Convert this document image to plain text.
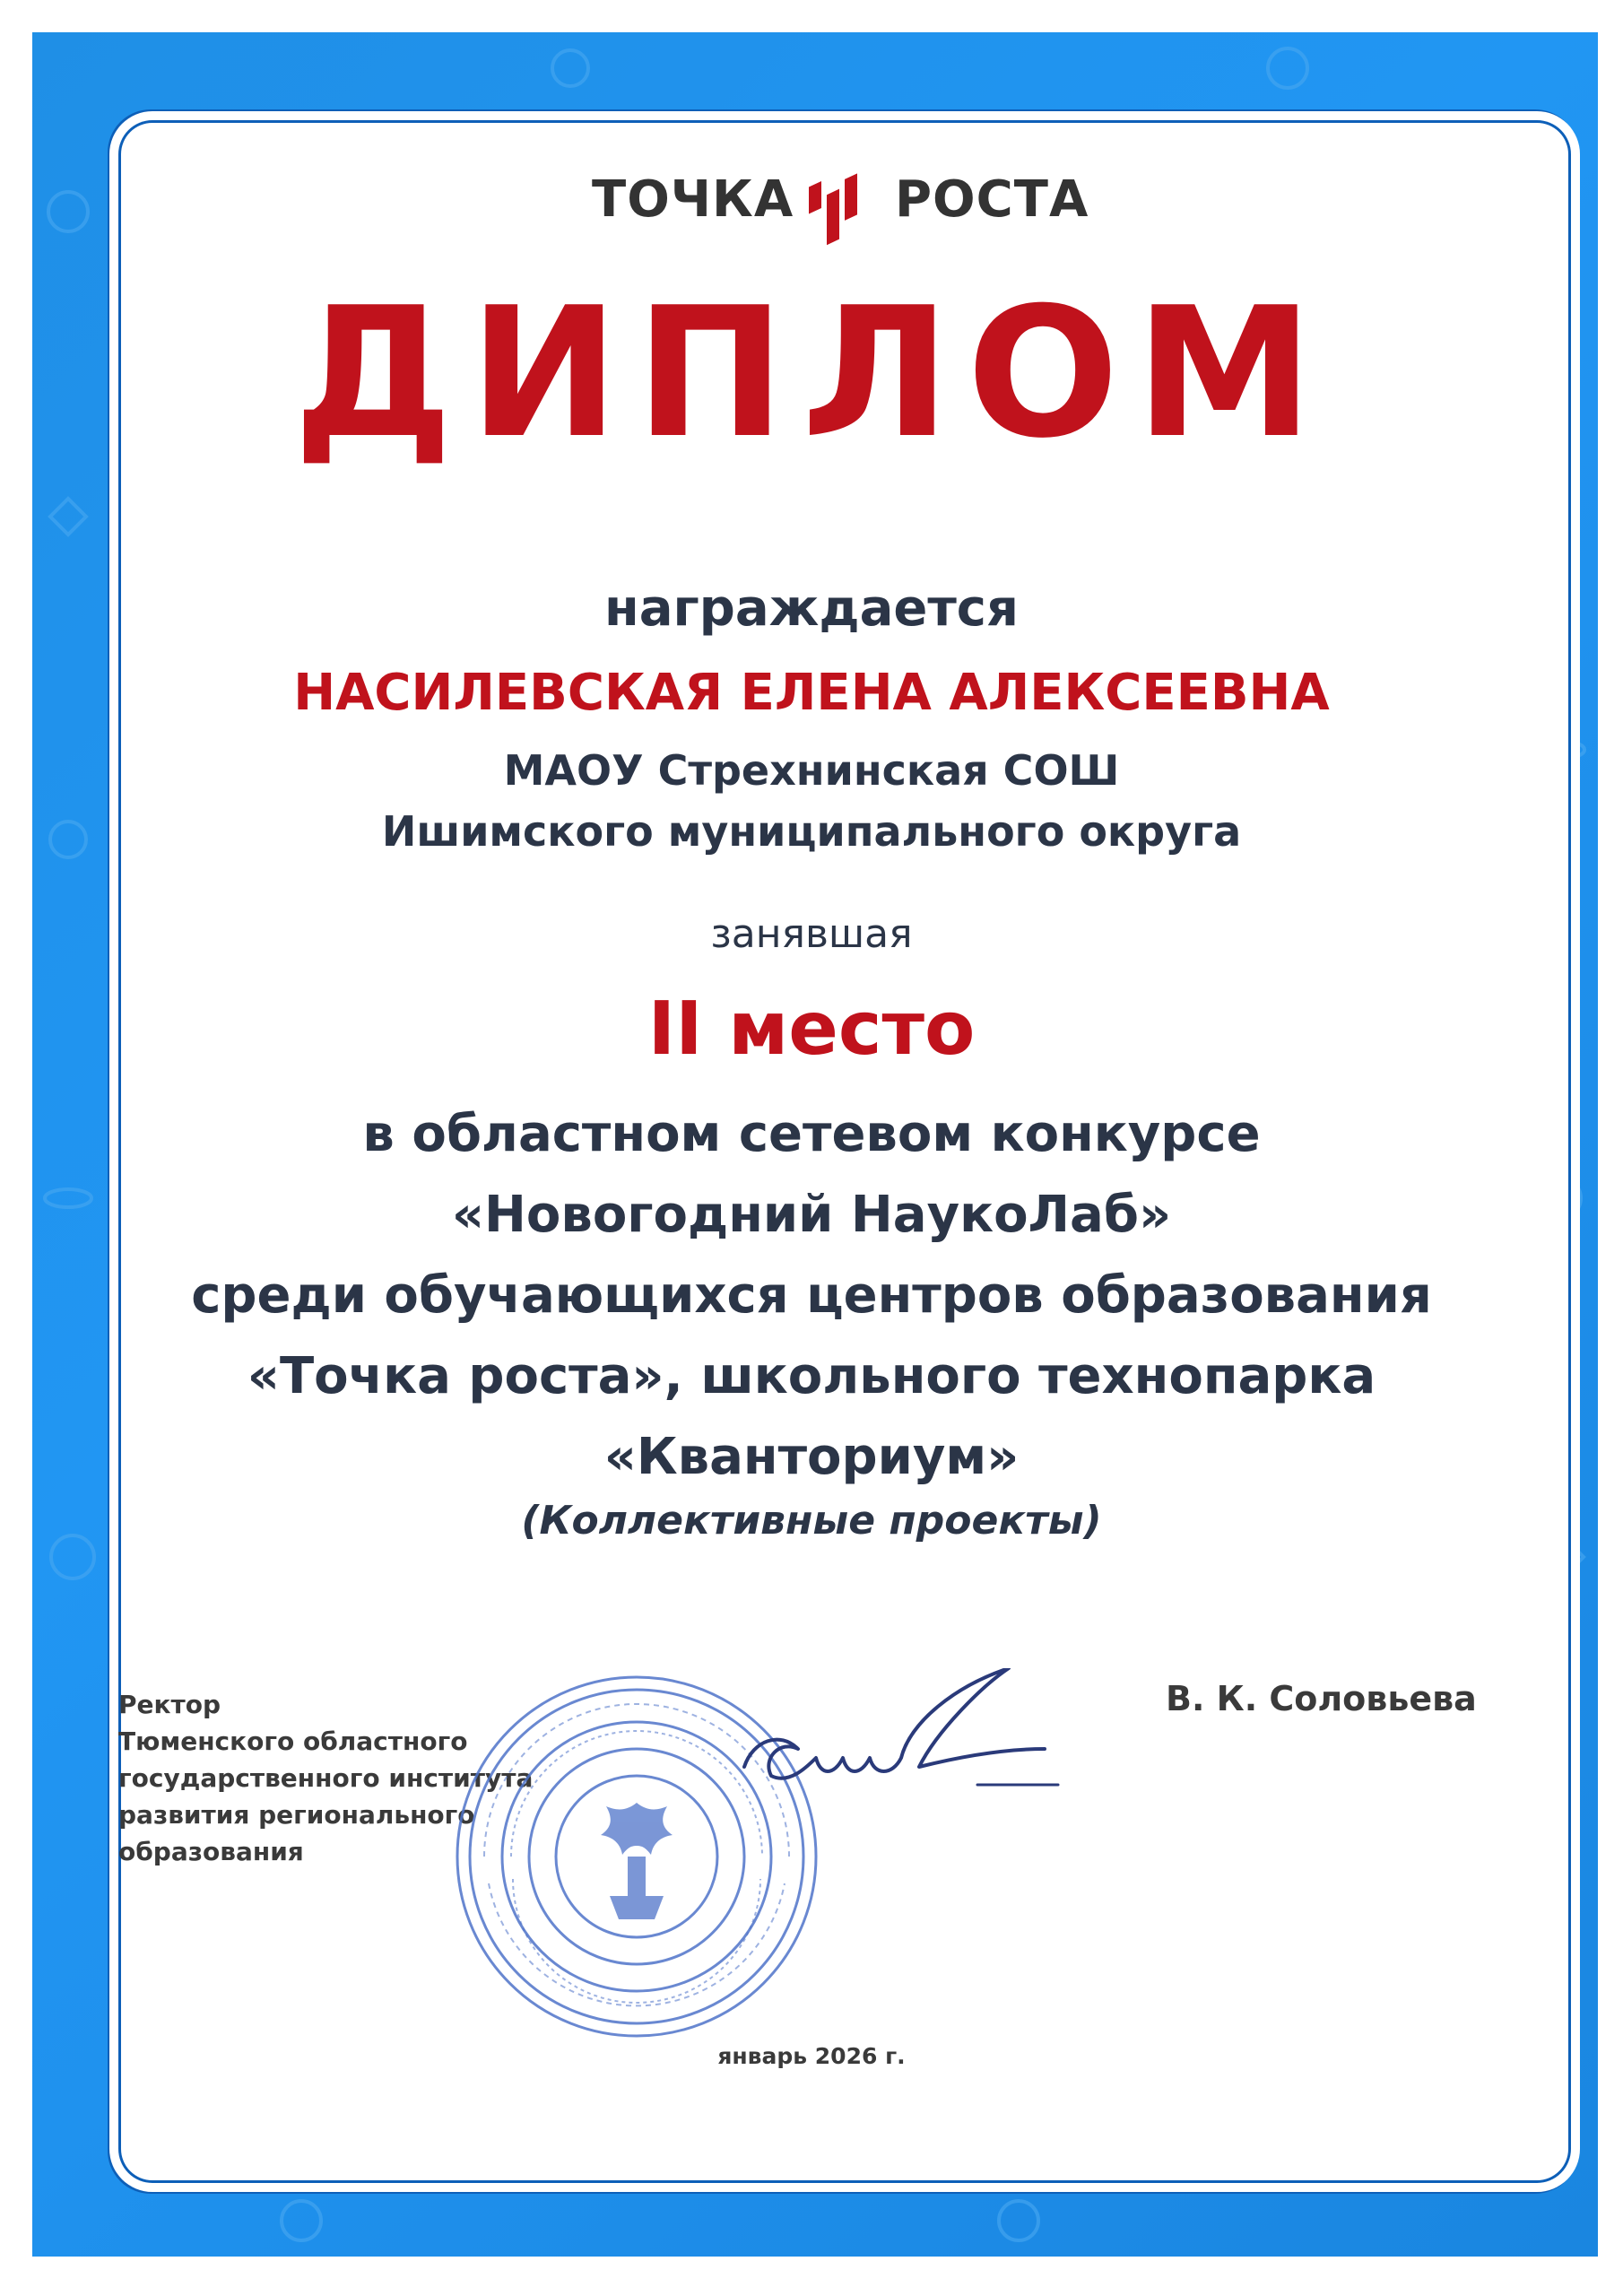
ТОЧКА РОСТА
ДИПЛОМ
награждается
НАСИЛЕВСКАЯ ЕЛЕНА АЛЕКСЕЕВНА
МАОУ Стрехнинская СОШ
Ишимского муниципального округа
занявшая
II место
в областном сетевом конкурсе
«Новогодний НаукоЛаб»
среди обучающихся центров образования
«Точка роста», школьного технопарка
«Кванториум»
(Коллективные проекты)
Ректор
Тюменского областного
государственного института
развития регионального
образования
В. К. Соловьева
январь 2026 г.
